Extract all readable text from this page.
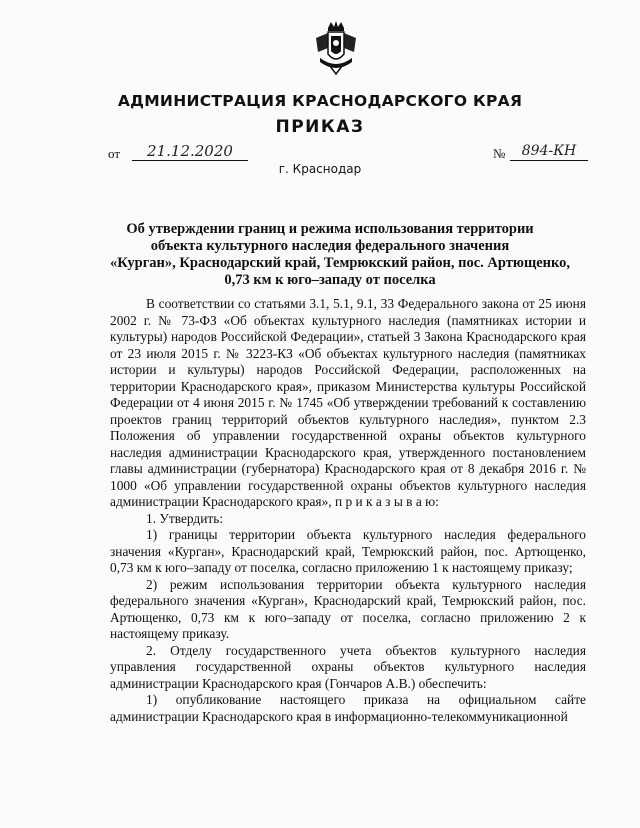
АДМИНИСТРАЦИЯ КРАСНОДАРСКОГО КРАЯ
ПРИКАЗ
от	21.12.2020	№	894-КН
г. Краснодар
Об утверждении границ и режима использования территории
объекта культурного наследия федерального значения
«Курган», Краснодарский край, Темрюкский район, пос. Артющенко,
0,73 км к юго–западу от поселка

В соответствии со статьями 3.1, 5.1, 9.1, 33 Федерального закона от 25 июня 2002 г. № 73-ФЗ «Об объектах культурного наследия (памятниках истории и культуры) народов Российской Федерации», статьей 3 Закона Краснодарского края от 23 июля 2015 г. № 3223-КЗ «Об объектах культурного наследия (памятниках истории и культуры) народов Российской Федерации, расположенных на территории Краснодарского края», приказом Министерства культуры Российской Федерации от 4 июня 2015 г. № 1745 «Об утверждении требований к составлению проектов границ территорий объектов культурного наследия», пунктом 2.3 Положения об управлении государственной охраны объектов культурного наследия администрации Краснодарского края, утвержденного постановлением главы администрации (губернатора) Краснодарского края от 8 декабря 2016 г. № 1000 «Об управлении государственной охраны объектов культурного наследия администрации Краснодарского края», п р и к а з ы в а ю:

1. Утвердить:

1) границы территории объекта культурного наследия федерального значения «Курган», Краснодарский край, Темрюкский район, пос. Артющенко, 0,73 км к юго–западу от поселка, согласно приложению 1 к настоящему приказу;

2) режим использования территории объекта культурного наследия федерального значения «Курган», Краснодарский край, Темрюкский район, пос. Артющенко, 0,73 км к юго–западу от поселка, согласно приложению 2 к настоящему приказу.

2. Отделу государственного учета объектов культурного наследия управления государственной охраны объектов культурного наследия администрации Краснодарского края (Гончаров А.В.) обеспечить:

1) опубликование настоящего приказа на официальном сайте администрации Краснодарского края в информационно-телекоммуникационной
